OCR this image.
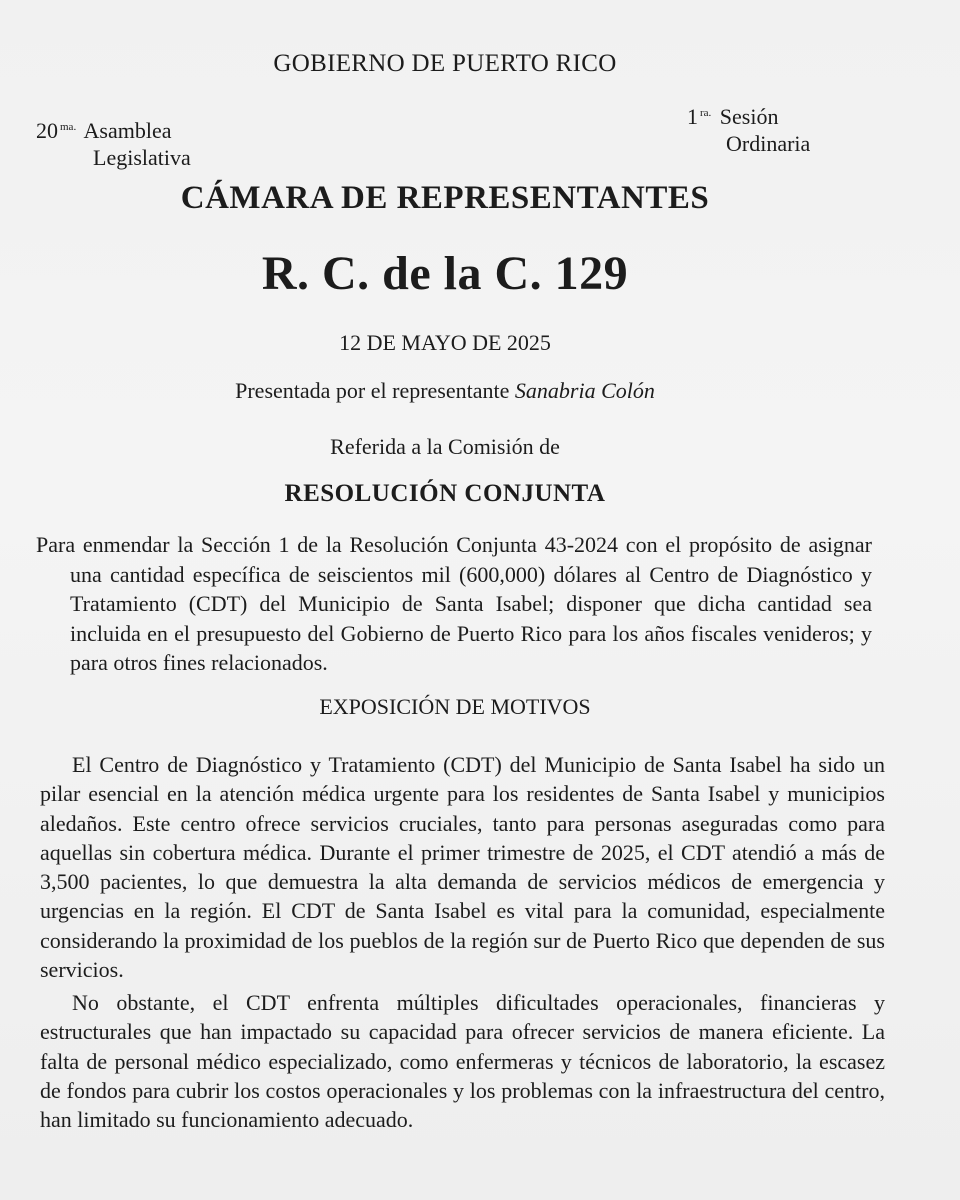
GOBIERNO DE PUERTO RICO
20 $^{ma.}$ Asamblea
Legislativa
1 $^{ra.}$ Sesión
Ordinaria
CÁMARA DE REPRESENTANTES
R. C. de la C. 129
12 DE MAYO DE 2025
Presentada por el representante Sanabria Colón
Referida a la Comisión de
RESOLUCIÓN CONJUNTA
Para enmendar la Sección 1 de la Resolución Conjunta 43-2024 con el propósito de asignar una cantidad específica de seiscientos mil (600,000) dólares al Centro de Diagnóstico y Tratamiento (CDT) del Municipio de Santa Isabel; disponer que dicha cantidad sea incluida en el presupuesto del Gobierno de Puerto Rico para los años fiscales venideros; y para otros fines relacionados.
EXPOSICIÓN DE MOTIVOS
El Centro de Diagnóstico y Tratamiento (CDT) del Municipio de Santa Isabel ha sido un pilar esencial en la atención médica urgente para los residentes de Santa Isabel y municipios aledaños. Este centro ofrece servicios cruciales, tanto para personas aseguradas como para aquellas sin cobertura médica. Durante el primer trimestre de 2025, el CDT atendió a más de 3,500 pacientes, lo que demuestra la alta demanda de servicios médicos de emergencia y urgencias en la región. El CDT de Santa Isabel es vital para la comunidad, especialmente considerando la proximidad de los pueblos de la región sur de Puerto Rico que dependen de sus servicios.
No obstante, el CDT enfrenta múltiples dificultades operacionales, financieras y estructurales que han impactado su capacidad para ofrecer servicios de manera eficiente. La falta de personal médico especializado, como enfermeras y técnicos de laboratorio, la escasez de fondos para cubrir los costos operacionales y los problemas con la infraestructura del centro, han limitado su funcionamiento adecuado.
